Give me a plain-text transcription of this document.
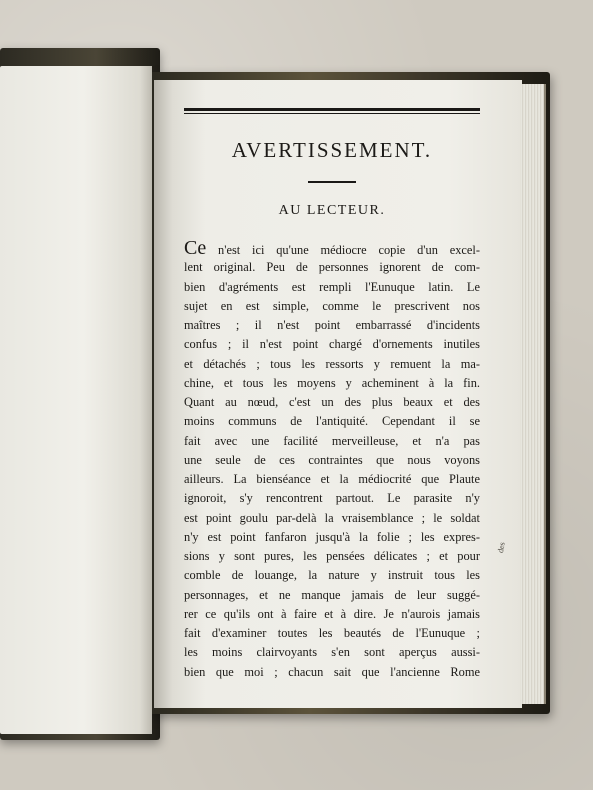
AVERTISSEMENT.
AU LECTEUR.
Ce n'est ici qu'une médiocre copie d'un excel-
lent original. Peu de personnes ignorent de com-
bien d'agréments est rempli l'Eunuque latin. Le
sujet en est simple, comme le prescrivent nos
maîtres ; il n'est point embarrassé d'incidents
confus ; il n'est point chargé d'ornements inutiles
et détachés ; tous les ressorts y remuent la ma-
chine, et tous les moyens y acheminent à la fin.
Quant au nœud, c'est un des plus beaux et des
moins communs de l'antiquité. Cependant il se
fait avec une facilité merveilleuse, et n'a pas
une seule de ces contraintes que nous voyons
ailleurs. La bienséance et la médiocrité que Plaute
ignoroit, s'y rencontrent partout. Le parasite n'y
est point goulu par-delà la vraisemblance ; le soldat
n'y est point fanfaron jusqu'à la folie ; les expres-
sions y sont pures, les pensées délicates ; et pour
comble de louange, la nature y instruit tous les
personnages, et ne manque jamais de leur suggé-
rer ce qu'ils ont à faire et à dire. Je n'aurois jamais
fait d'examiner toutes les beautés de l'Eunuque ;
les moins clairvoyants s'en sont aperçus aussi-
bien que moi ; chacun sait que l'ancienne Rome
des
